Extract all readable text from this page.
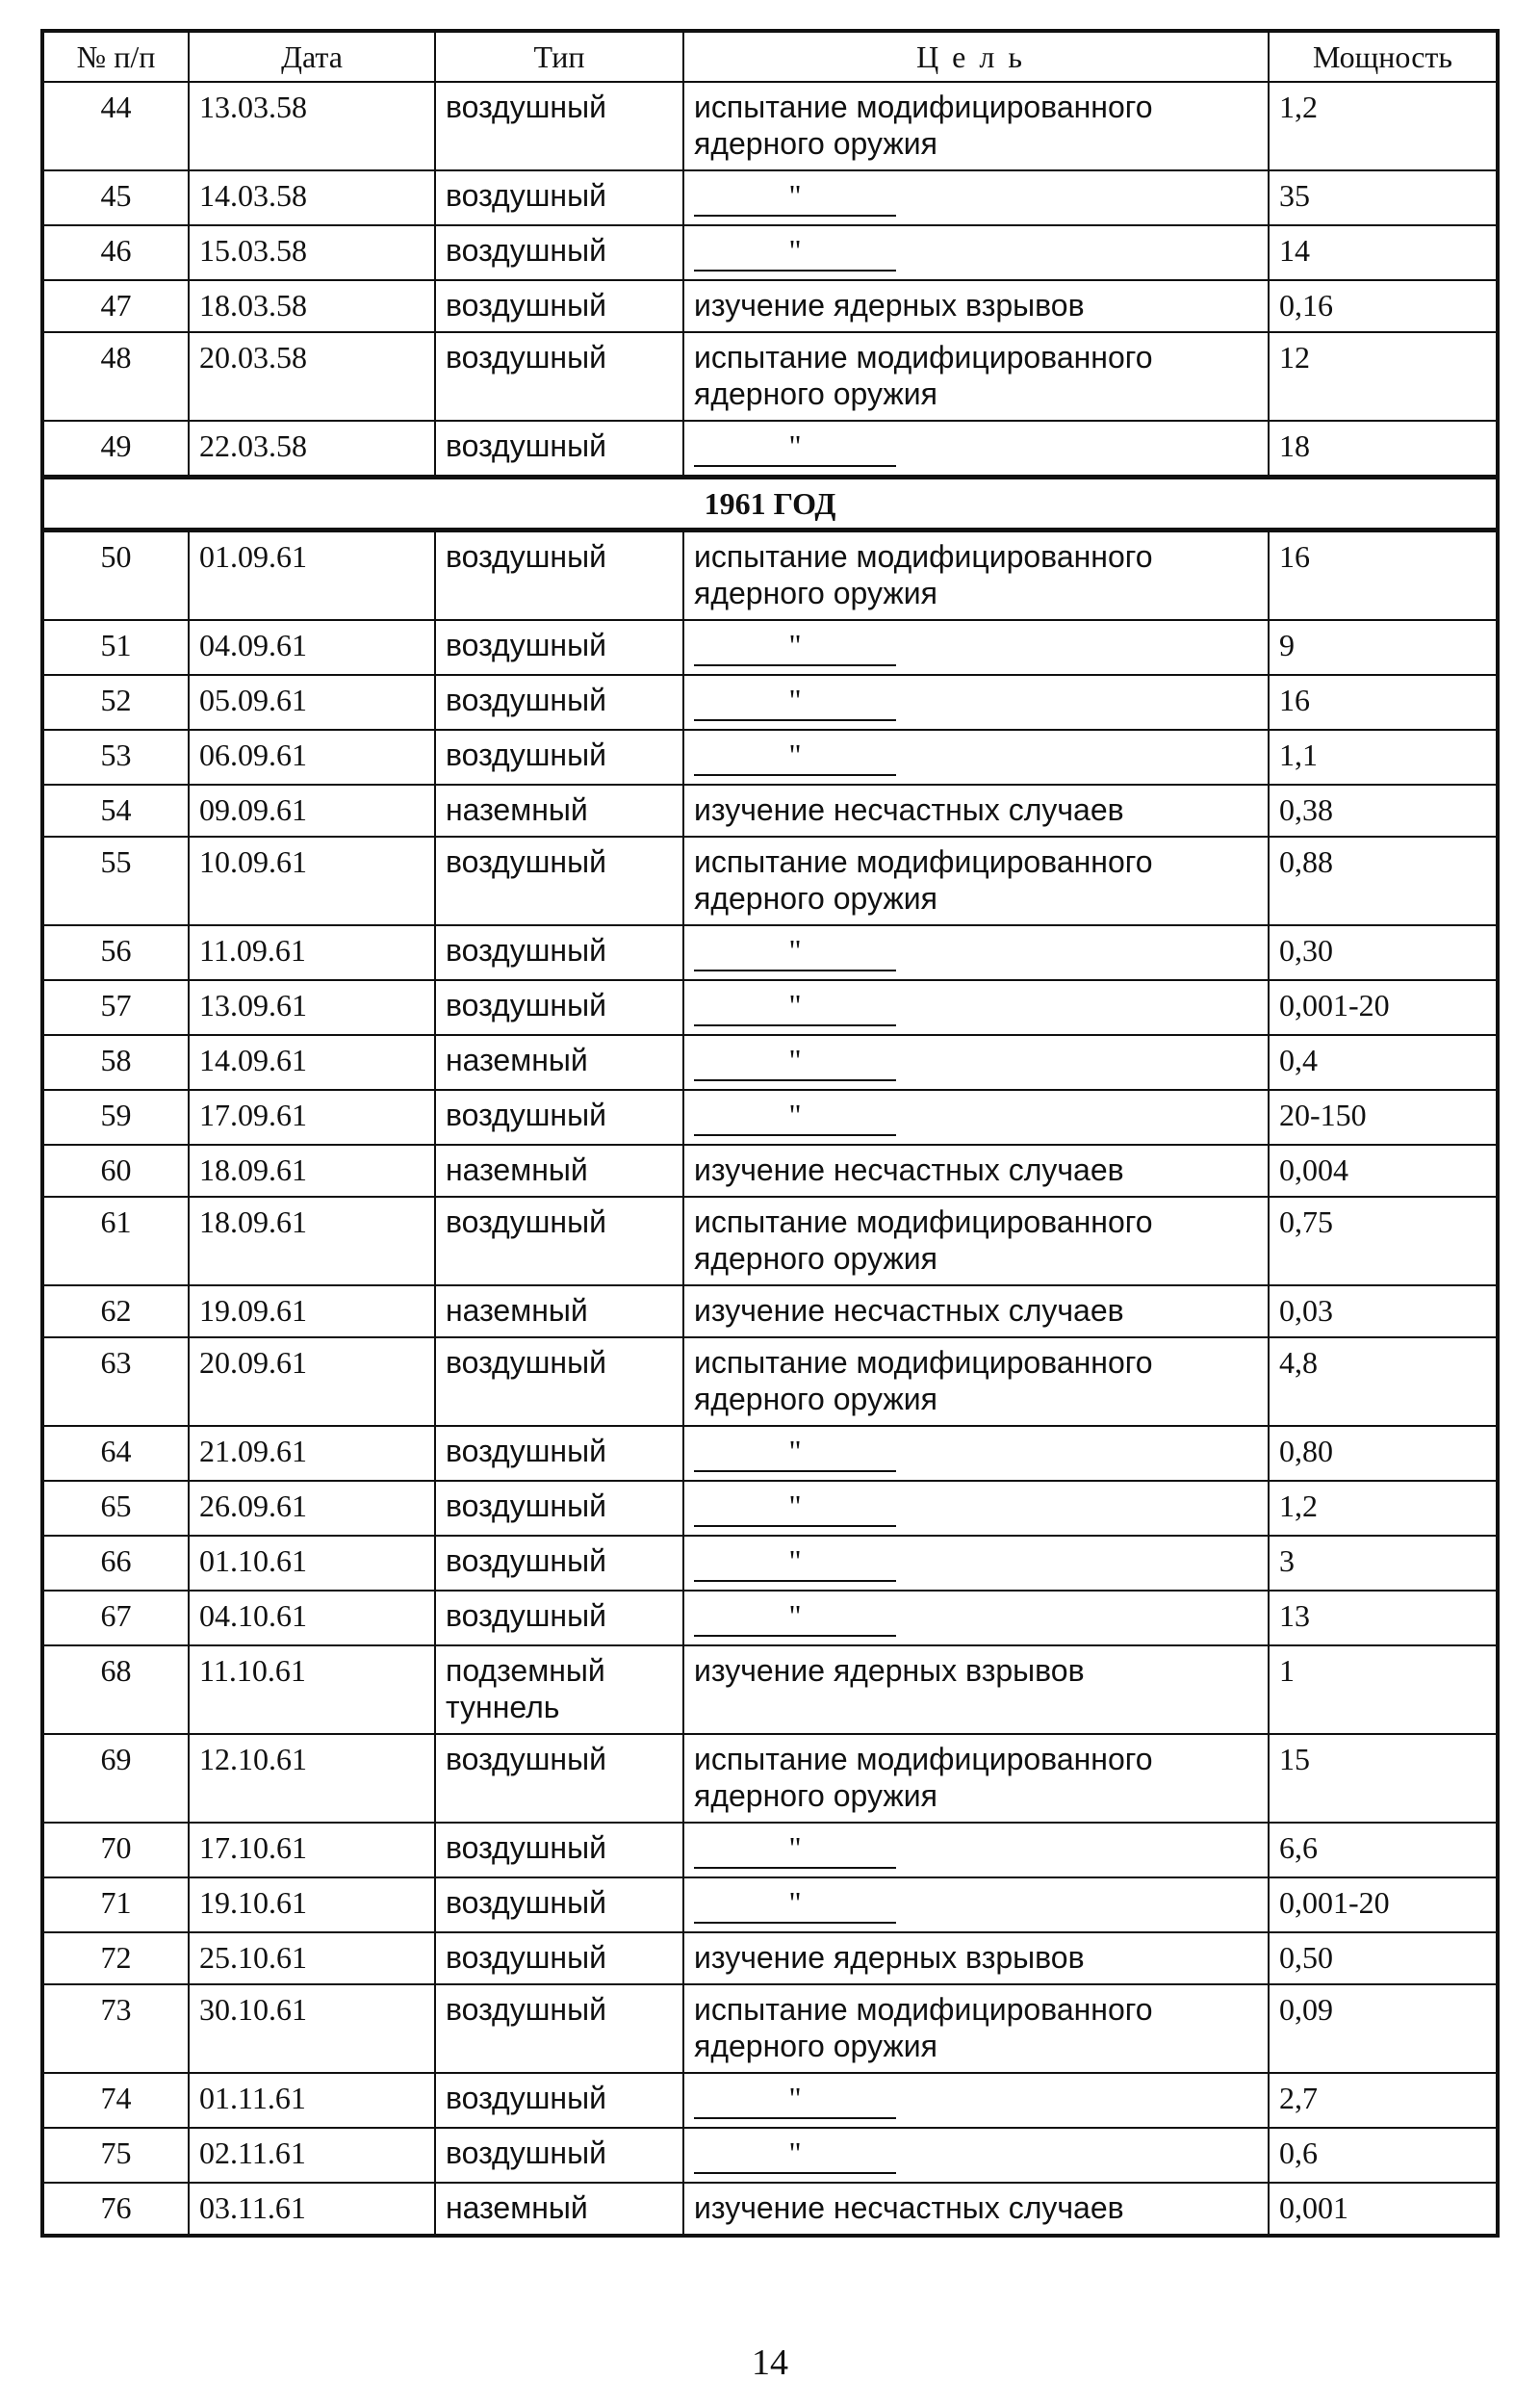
№ п/п	Дата	Тип	Цель	Мощность
44	13.03.58	воздушный	испытание модифицированного ядерного оружия	1,2
45	14.03.58	воздушный	"	35
46	15.03.58	воздушный	"	14
47	18.03.58	воздушный	изучение ядерных взрывов	0,16
48	20.03.58	воздушный	испытание модифицированного ядерного оружия	12
49	22.03.58	воздушный	"	18
1961 ГОД				
50	01.09.61	воздушный	испытание модифицированного ядерного оружия	16
51	04.09.61	воздушный	"	9
52	05.09.61	воздушный	"	16
53	06.09.61	воздушный	"	1,1
54	09.09.61	наземный	изучение несчастных случаев	0,38
55	10.09.61	воздушный	испытание модифицированного ядерного оружия	0,88
56	11.09.61	воздушный	"	0,30
57	13.09.61	воздушный	"	0,001-20
58	14.09.61	наземный	"	0,4
59	17.09.61	воздушный	"	20-150
60	18.09.61	наземный	изучение несчастных случаев	0,004
61	18.09.61	воздушный	испытание модифицированного ядерного оружия	0,75
62	19.09.61	наземный	изучение несчастных случаев	0,03
63	20.09.61	воздушный	испытание модифицированного ядерного оружия	4,8
64	21.09.61	воздушный	"	0,80
65	26.09.61	воздушный	"	1,2
66	01.10.61	воздушный	"	3
67	04.10.61	воздушный	"	13
68	11.10.61	подземный туннель	изучение ядерных взрывов	1
69	12.10.61	воздушный	испытание модифицированного ядерного оружия	15
70	17.10.61	воздушный	"	6,6
71	19.10.61	воздушный	"	0,001-20
72	25.10.61	воздушный	изучение ядерных взрывов	0,50
73	30.10.61	воздушный	испытание модифицированного ядерного оружия	0,09
74	01.11.61	воздушный	"	2,7
75	02.11.61	воздушный	"	0,6
76	03.11.61	наземный	изучение несчастных случаев	0,001
14
